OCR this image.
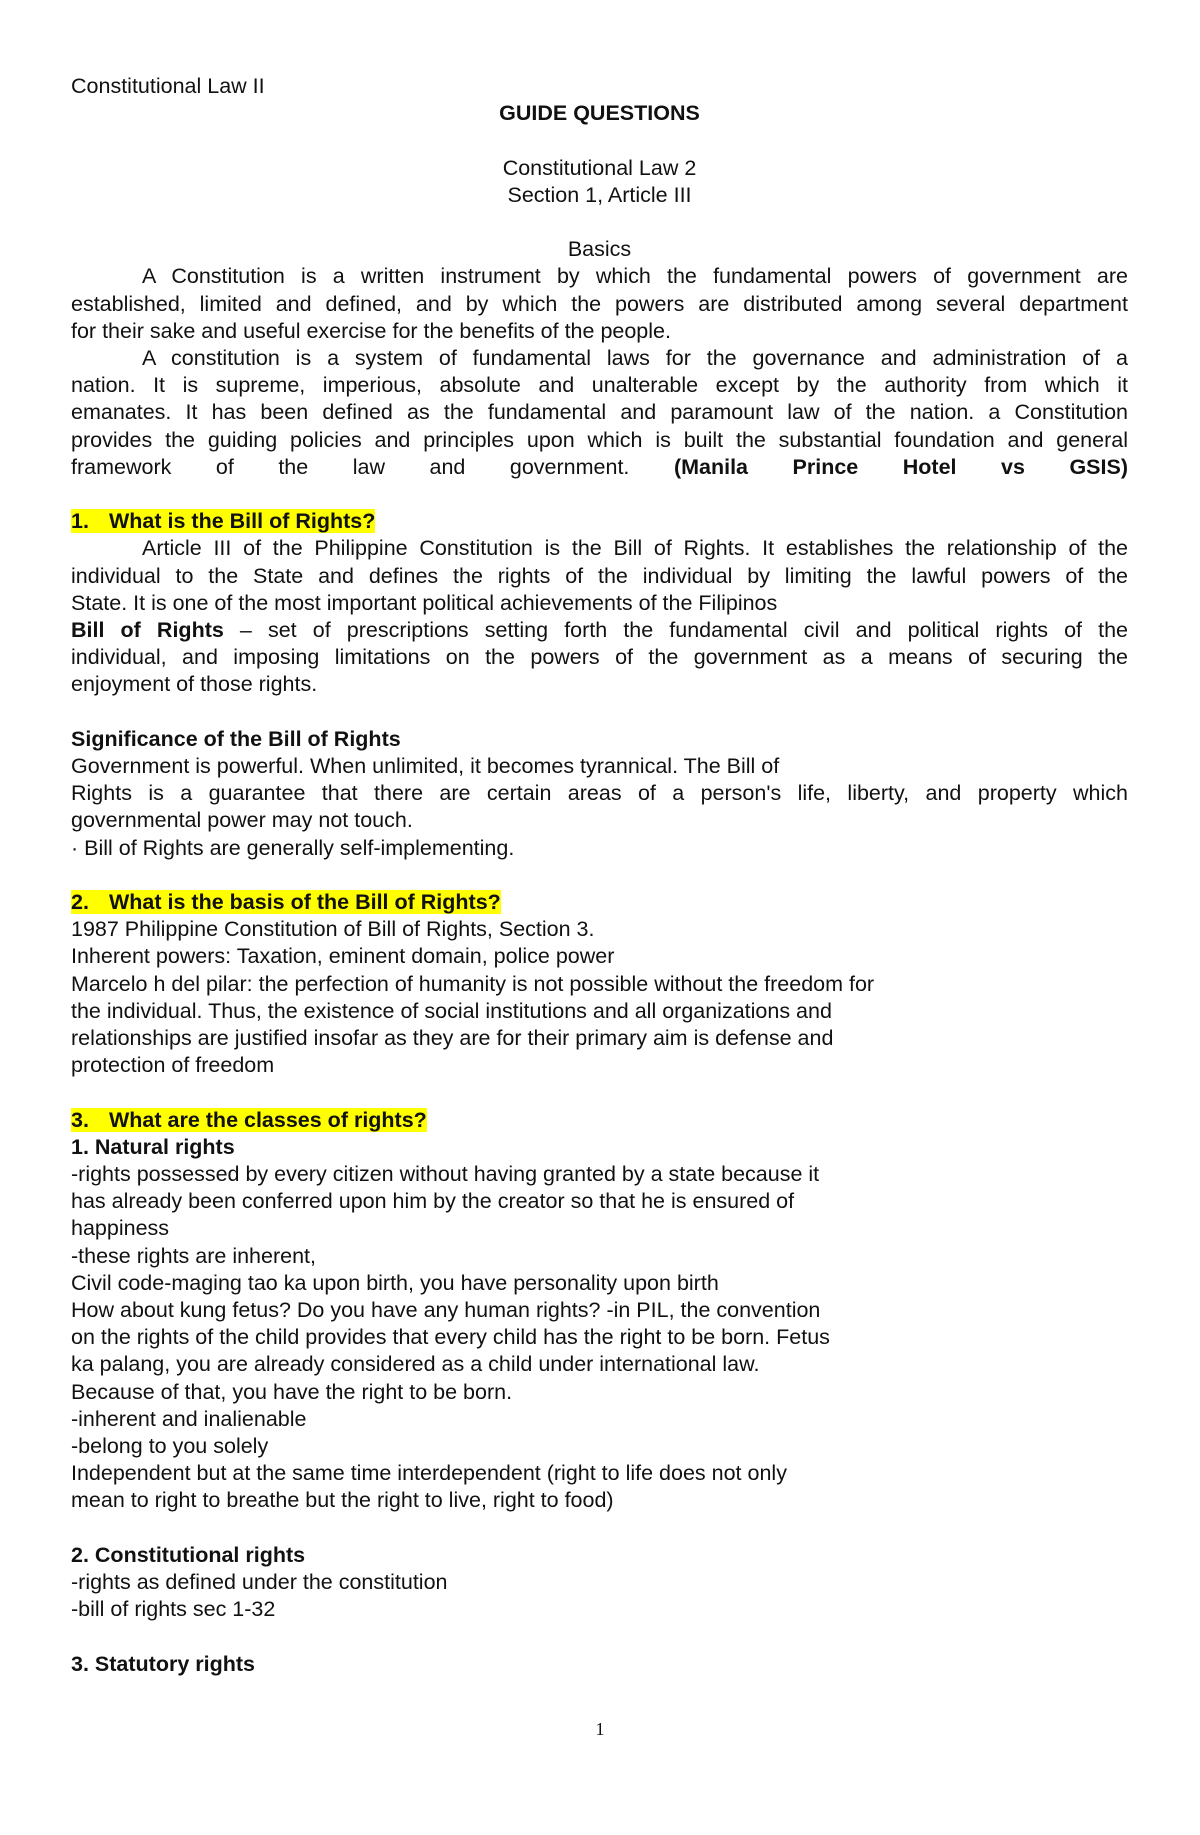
Constitutional Law II
GUIDE QUESTIONS
Constitutional Law 2
Section 1, Article III
Basics
A Constitution is a written instrument by which the fundamental powers of government are
established, limited and defined, and by which the powers are distributed among several department
for their sake and useful exercise for the benefits of the people.
A constitution is a system of fundamental laws for the governance and administration of a
nation. It is supreme, imperious, absolute and unalterable except by the authority from which it
emanates. It has been defined as the fundamental and paramount law of the nation. a Constitution
provides the guiding policies and principles upon which is built the substantial foundation and general
framework of the law and government. (Manila Prince Hotel vs GSIS)
1. What is the Bill of Rights?
Article III of the Philippine Constitution is the Bill of Rights. It establishes the relationship of the
individual to the State and defines the rights of the individual by limiting the lawful powers of the
State. It is one of the most important political achievements of the Filipinos
Bill of Rights – set of prescriptions setting forth the fundamental civil and political rights of the
individual, and imposing limitations on the powers of the government as a means of securing the
enjoyment of those rights.
Significance of the Bill of Rights
Government is powerful. When unlimited, it becomes tyrannical. The Bill of
Rights is a guarantee that there are certain areas of a person's life, liberty, and property which
governmental power may not touch.
· Bill of Rights are generally self-implementing.
2. What is the basis of the Bill of Rights?
1987 Philippine Constitution of Bill of Rights, Section 3.
Inherent powers: Taxation, eminent domain, police power
Marcelo h del pilar: the perfection of humanity is not possible without the freedom for
the individual. Thus, the existence of social institutions and all organizations and
relationships are justified insofar as they are for their primary aim is defense and
protection of freedom
3. What are the classes of rights?
1. Natural rights
-rights possessed by every citizen without having granted by a state because it
has already been conferred upon him by the creator so that he is ensured of
happiness
-these rights are inherent,
Civil code-maging tao ka upon birth, you have personality upon birth
How about kung fetus? Do you have any human rights? -in PIL, the convention
on the rights of the child provides that every child has the right to be born. Fetus
ka palang, you are already considered as a child under international law.
Because of that, you have the right to be born.
-inherent and inalienable
-belong to you solely
Independent but at the same time interdependent (right to life does not only
mean to right to breathe but the right to live, right to food)
2. Constitutional rights
-rights as defined under the constitution
-bill of rights sec 1-32
3. Statutory rights
1
